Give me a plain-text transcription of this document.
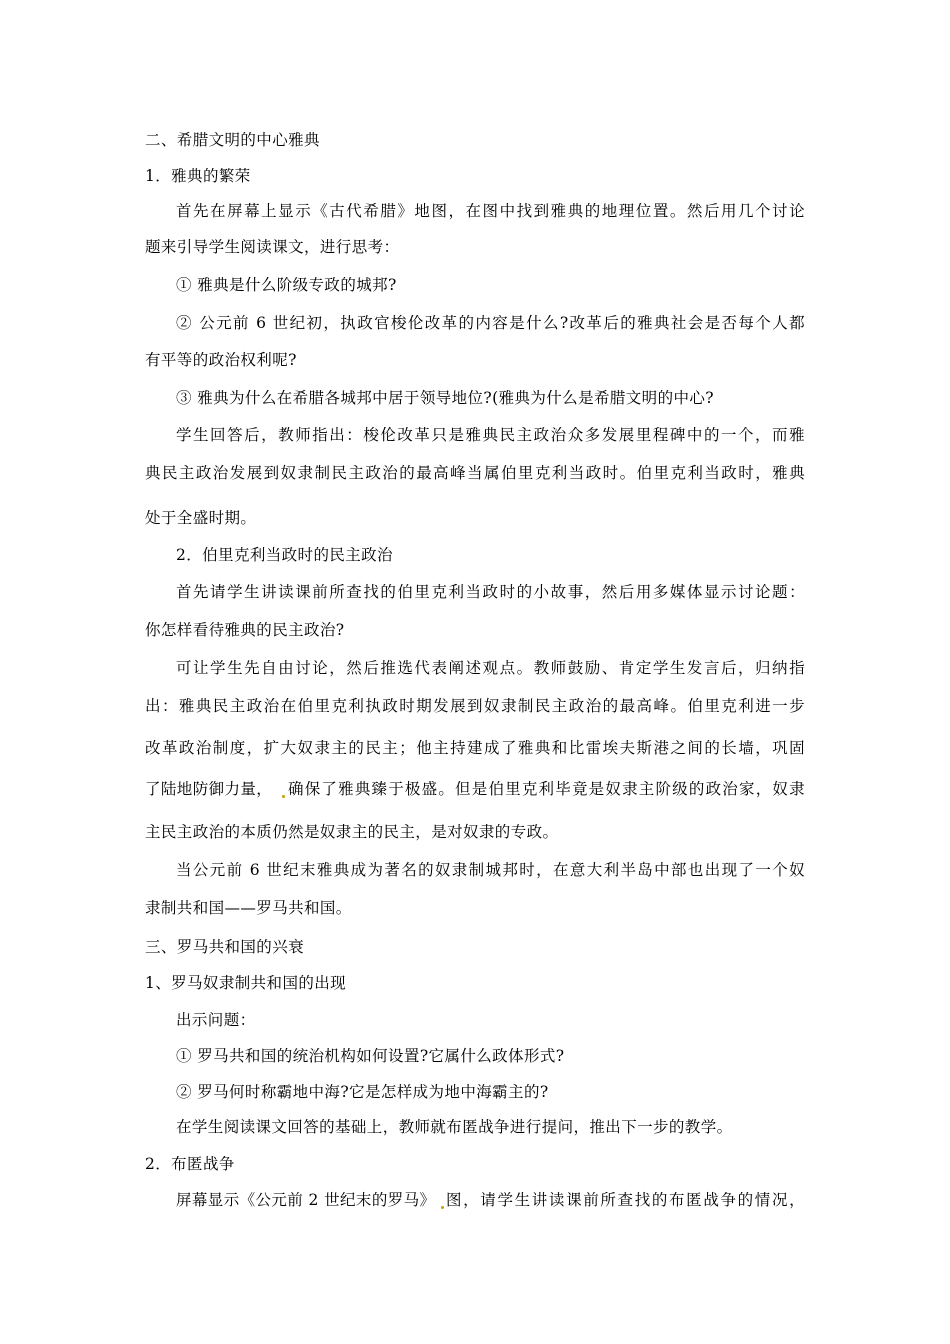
二、希腊文明的中心雅典
1．雅典的繁荣
首先在屏幕上显示《古代希腊》地图，在图中找到雅典的地理位置。然后用几个讨论
题来引导学生阅读课文，进行思考：
① 雅典是什么阶级专政的城邦?
② 公元前 6 世纪初，执政官梭伦改革的内容是什么?改革后的雅典社会是否每个人都
有平等的政治权利呢?
③ 雅典为什么在希腊各城邦中居于领导地位?(雅典为什么是希腊文明的中心?
学生回答后，教师指出：梭伦改革只是雅典民主政治众多发展里程碑中的一个，而雅
典民主政治发展到奴隶制民主政治的最高峰当属伯里克利当政时。伯里克利当政时，雅典
处于全盛时期。
2．伯里克利当政时的民主政治
首先请学生讲读课前所查找的伯里克利当政时的小故事，然后用多媒体显示讨论题：
你怎样看待雅典的民主政治?
可让学生先自由讨论，然后推选代表阐述观点。教师鼓励、肯定学生发言后，归纳指
出：雅典民主政治在伯里克利执政时期发展到奴隶制民主政治的最高峰。伯里克利进一步
改革政治制度，扩大奴隶主的民主；他主持建成了雅典和比雷埃夫斯港之间的长墙，巩固
了陆地防御力量， 确保了雅典臻于极盛。但是伯里克利毕竟是奴隶主阶级的政治家，奴隶
主民主政治的本质仍然是奴隶主的民主，是对奴隶的专政。
当公元前 6 世纪末雅典成为著名的奴隶制城邦时，在意大利半岛中部也出现了一个奴
隶制共和国——罗马共和国。
三、罗马共和国的兴衰
1、罗马奴隶制共和国的出现
出示问题：
① 罗马共和国的统治机构如何设置?它属什么政体形式?
② 罗马何时称霸地中海?它是怎样成为地中海霸主的?
在学生阅读课文回答的基础上，教师就布匿战争进行提问，推出下一步的教学。
2．布匿战争
屏幕显示《公元前 2 世纪末的罗马》 图，请学生讲读课前所查找的布匿战争的情况，
